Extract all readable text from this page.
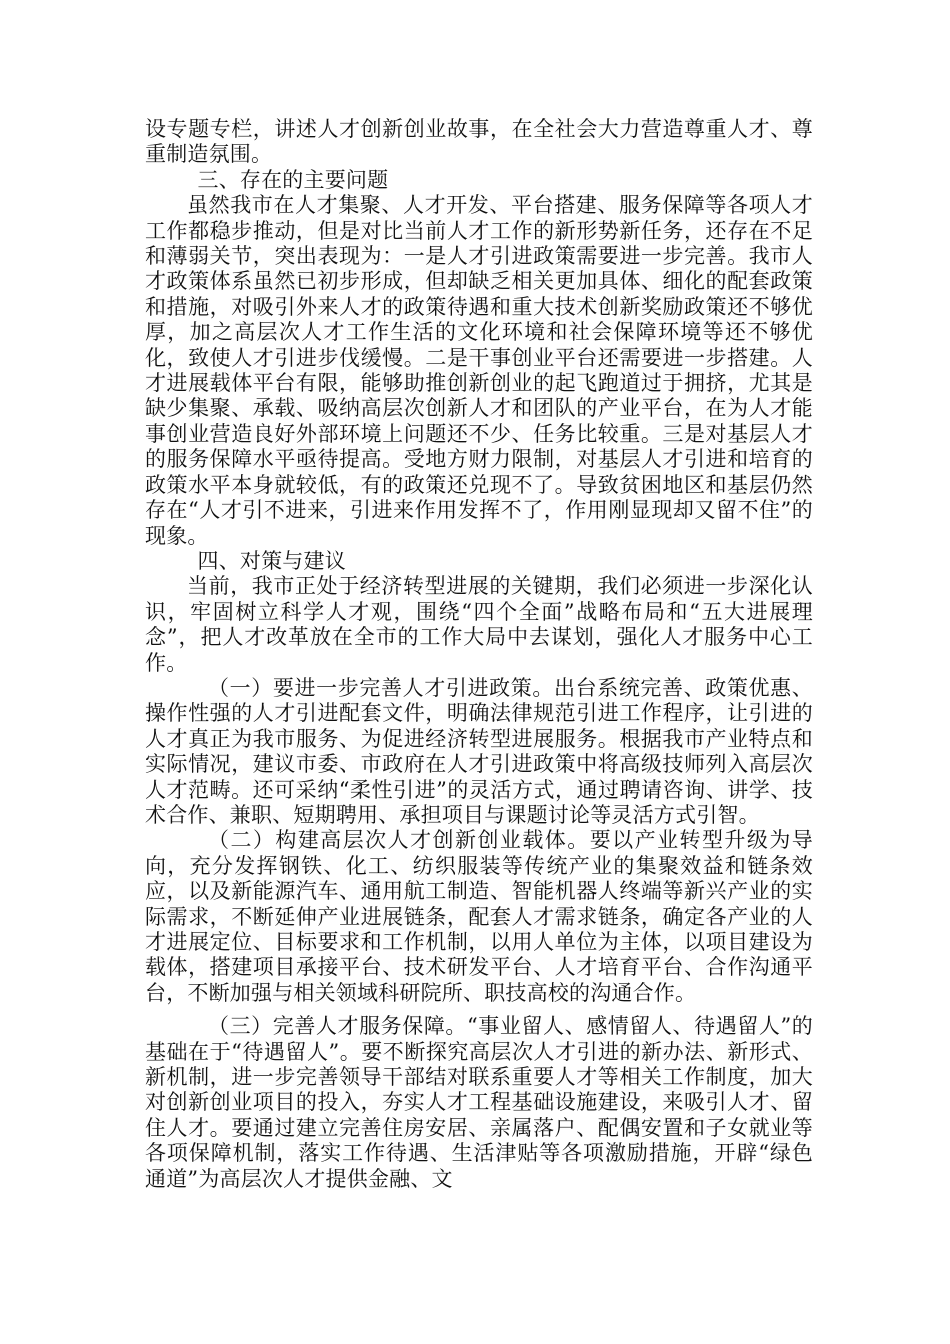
设专题专栏，讲述人才创新创业故事，在全社会大力营造尊重人才、尊重制造氛围。

三、存在的主要问题

虽然我市在人才集聚、人才开发、平台搭建、服务保障等各项人才工作都稳步推动，但是对比当前人才工作的新形势新任务，还存在不足和薄弱关节，突出表现为：一是人才引进政策需要进一步完善。我市人才政策体系虽然已初步形成，但却缺乏相关更加具体、细化的配套政策和措施，对吸引外来人才的政策待遇和重大技术创新奖励政策还不够优厚，加之高层次人才工作生活的文化环境和社会保障环境等还不够优化，致使人才引进步伐缓慢。二是干事创业平台还需要进一步搭建。人才进展载体平台有限，能够助推创新创业的起飞跑道过于拥挤，尤其是缺少集聚、承载、吸纳高层次创新人才和团队的产业平台，在为人才能事创业营造良好外部环境上问题还不少、任务比较重。三是对基层人才的服务保障水平亟待提高。受地方财力限制，对基层人才引进和培育的政策水平本身就较低，有的政策还兑现不了。导致贫困地区和基层仍然存在“人才引不进来，引进来作用发挥不了，作用刚显现却又留不住”的现象。

四、对策与建议

当前，我市正处于经济转型进展的关键期，我们必须进一步深化认识，牢固树立科学人才观，围绕“四个全面”战略布局和“五大进展理念”，把人才改革放在全市的工作大局中去谋划，强化人才服务中心工作。

（一）要进一步完善人才引进政策。出台系统完善、政策优惠、操作性强的人才引进配套文件，明确法律规范引进工作程序，让引进的人才真正为我市服务、为促进经济转型进展服务。根据我市产业特点和实际情况，建议市委、市政府在人才引进政策中将高级技师列入高层次人才范畴。还可采纳“柔性引进”的灵活方式，通过聘请咨询、讲学、技术合作、兼职、短期聘用、承担项目与课题讨论等灵活方式引智。

（二）构建高层次人才创新创业载体。要以产业转型升级为导向，充分发挥钢铁、化工、纺织服装等传统产业的集聚效益和链条效应，以及新能源汽车、通用航工制造、智能机器人终端等新兴产业的实际需求，不断延伸产业进展链条，配套人才需求链条，确定各产业的人才进展定位、目标要求和工作机制，以用人单位为主体，以项目建设为载体，搭建项目承接平台、技术研发平台、人才培育平台、合作沟通平台，不断加强与相关领域科研院所、职技高校的沟通合作。

（三）完善人才服务保障。“事业留人、感情留人、待遇留人”的基础在于“待遇留人”。要不断探究高层次人才引进的新办法、新形式、新机制，进一步完善领导干部结对联系重要人才等相关工作制度，加大对创新创业项目的投入，夯实人才工程基础设施建设，来吸引人才、留住人才。要通过建立完善住房安居、亲属落户、配偶安置和子女就业等各项保障机制，落实工作待遇、生活津贴等各项激励措施，开辟“绿色通道”为高层次人才提供金融、文
